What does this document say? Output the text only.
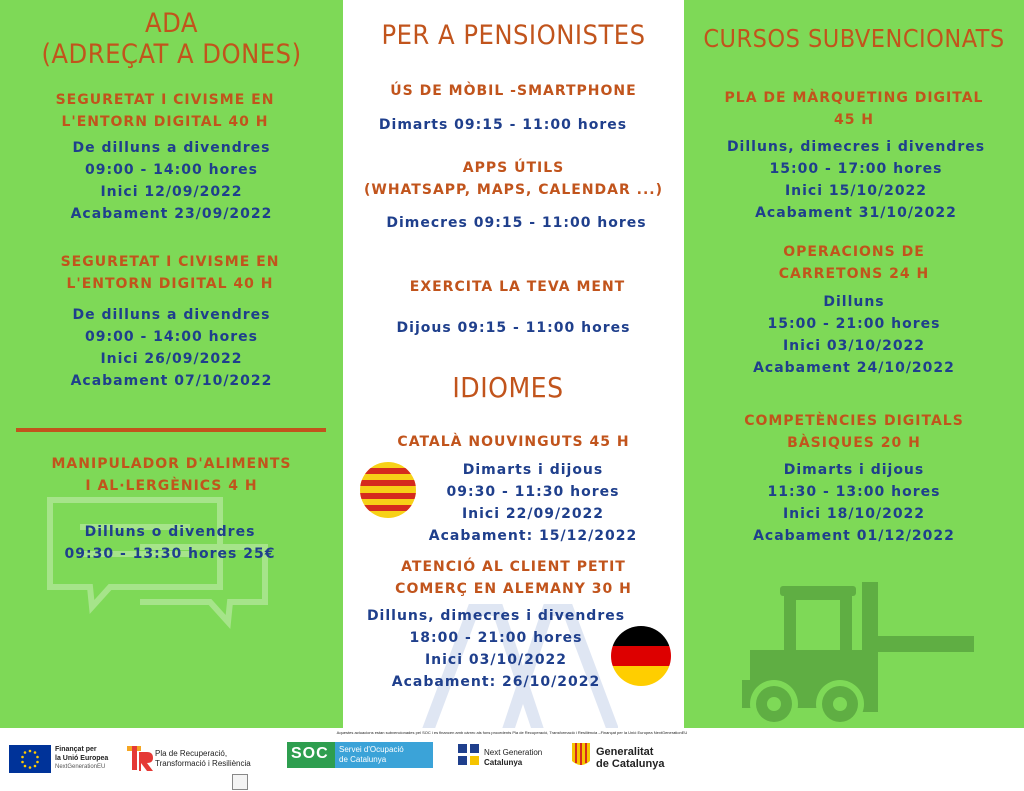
ADA
(ADREÇAT A DONES)
SEGURETAT I CIVISME EN
L'ENTORN DIGITAL 40 H
De dilluns a divendres
09:00 - 14:00 hores
Inici 12/09/2022
Acabament 23/09/2022
SEGURETAT I CIVISME EN
L'ENTORN DIGITAL 40 H
De dilluns a divendres
09:00 - 14:00 hores
Inici 26/09/2022
Acabament 07/10/2022
MANIPULADOR D'ALIMENTS
I AL·LERGÈNICS 4 H
Dilluns o divendres
09:30 - 13:30 hores 25€
PER A PENSIONISTES
ÚS DE MÒBIL -SMARTPHONE
Dimarts 09:15 - 11:00 hores
APPS ÚTILS
(WHATSAPP, MAPS, CALENDAR ...)
Dimecres 09:15 - 11:00 hores
EXERCITA LA TEVA MENT
Dijous 09:15 - 11:00 hores
IDIOMES
CATALÀ NOUVINGUTS 45 H
Dimarts i dijous
09:30 - 11:30 hores
Inici 22/09/2022
Acabament: 15/12/2022
ATENCIÓ AL CLIENT PETIT
COMERÇ EN ALEMANY 30 H
Dilluns, dimecres i divendres
18:00 - 21:00 hores
Inici 03/10/2022
Acabament: 26/10/2022
CURSOS SUBVENCIONATS
PLA DE MÀRQUETING DIGITAL
45 H
Dilluns, dimecres i divendres
15:00 - 17:00 hores
Inici 15/10/2022
Acabament 31/10/2022
OPERACIONS DE
CARRETONS 24 H
Dilluns
15:00 - 21:00 hores
Inici 03/10/2022
Acabament 24/10/2022
COMPETÈNCIES DIGITALS
BÀSIQUES 20 H
Dimarts i dijous
11:30 - 13:00 hores
Inici 18/10/2022
Acabament 01/12/2022
Aquestes actuacions estan subvencionades pel SOC i es financen amb càrrec als fons procedents Pla de Recuperació, Transformació i Resiliència –Finançat per la Unió Europea NextGenerationEU
Finançat per
la Unió Europea
NextGenerationEU
Pla de Recuperació,
Transformació i Resiliència
SOC Servei d'Ocupació
de Catalunya
Next Generation
Catalunya
Generalitat
de Catalunya
